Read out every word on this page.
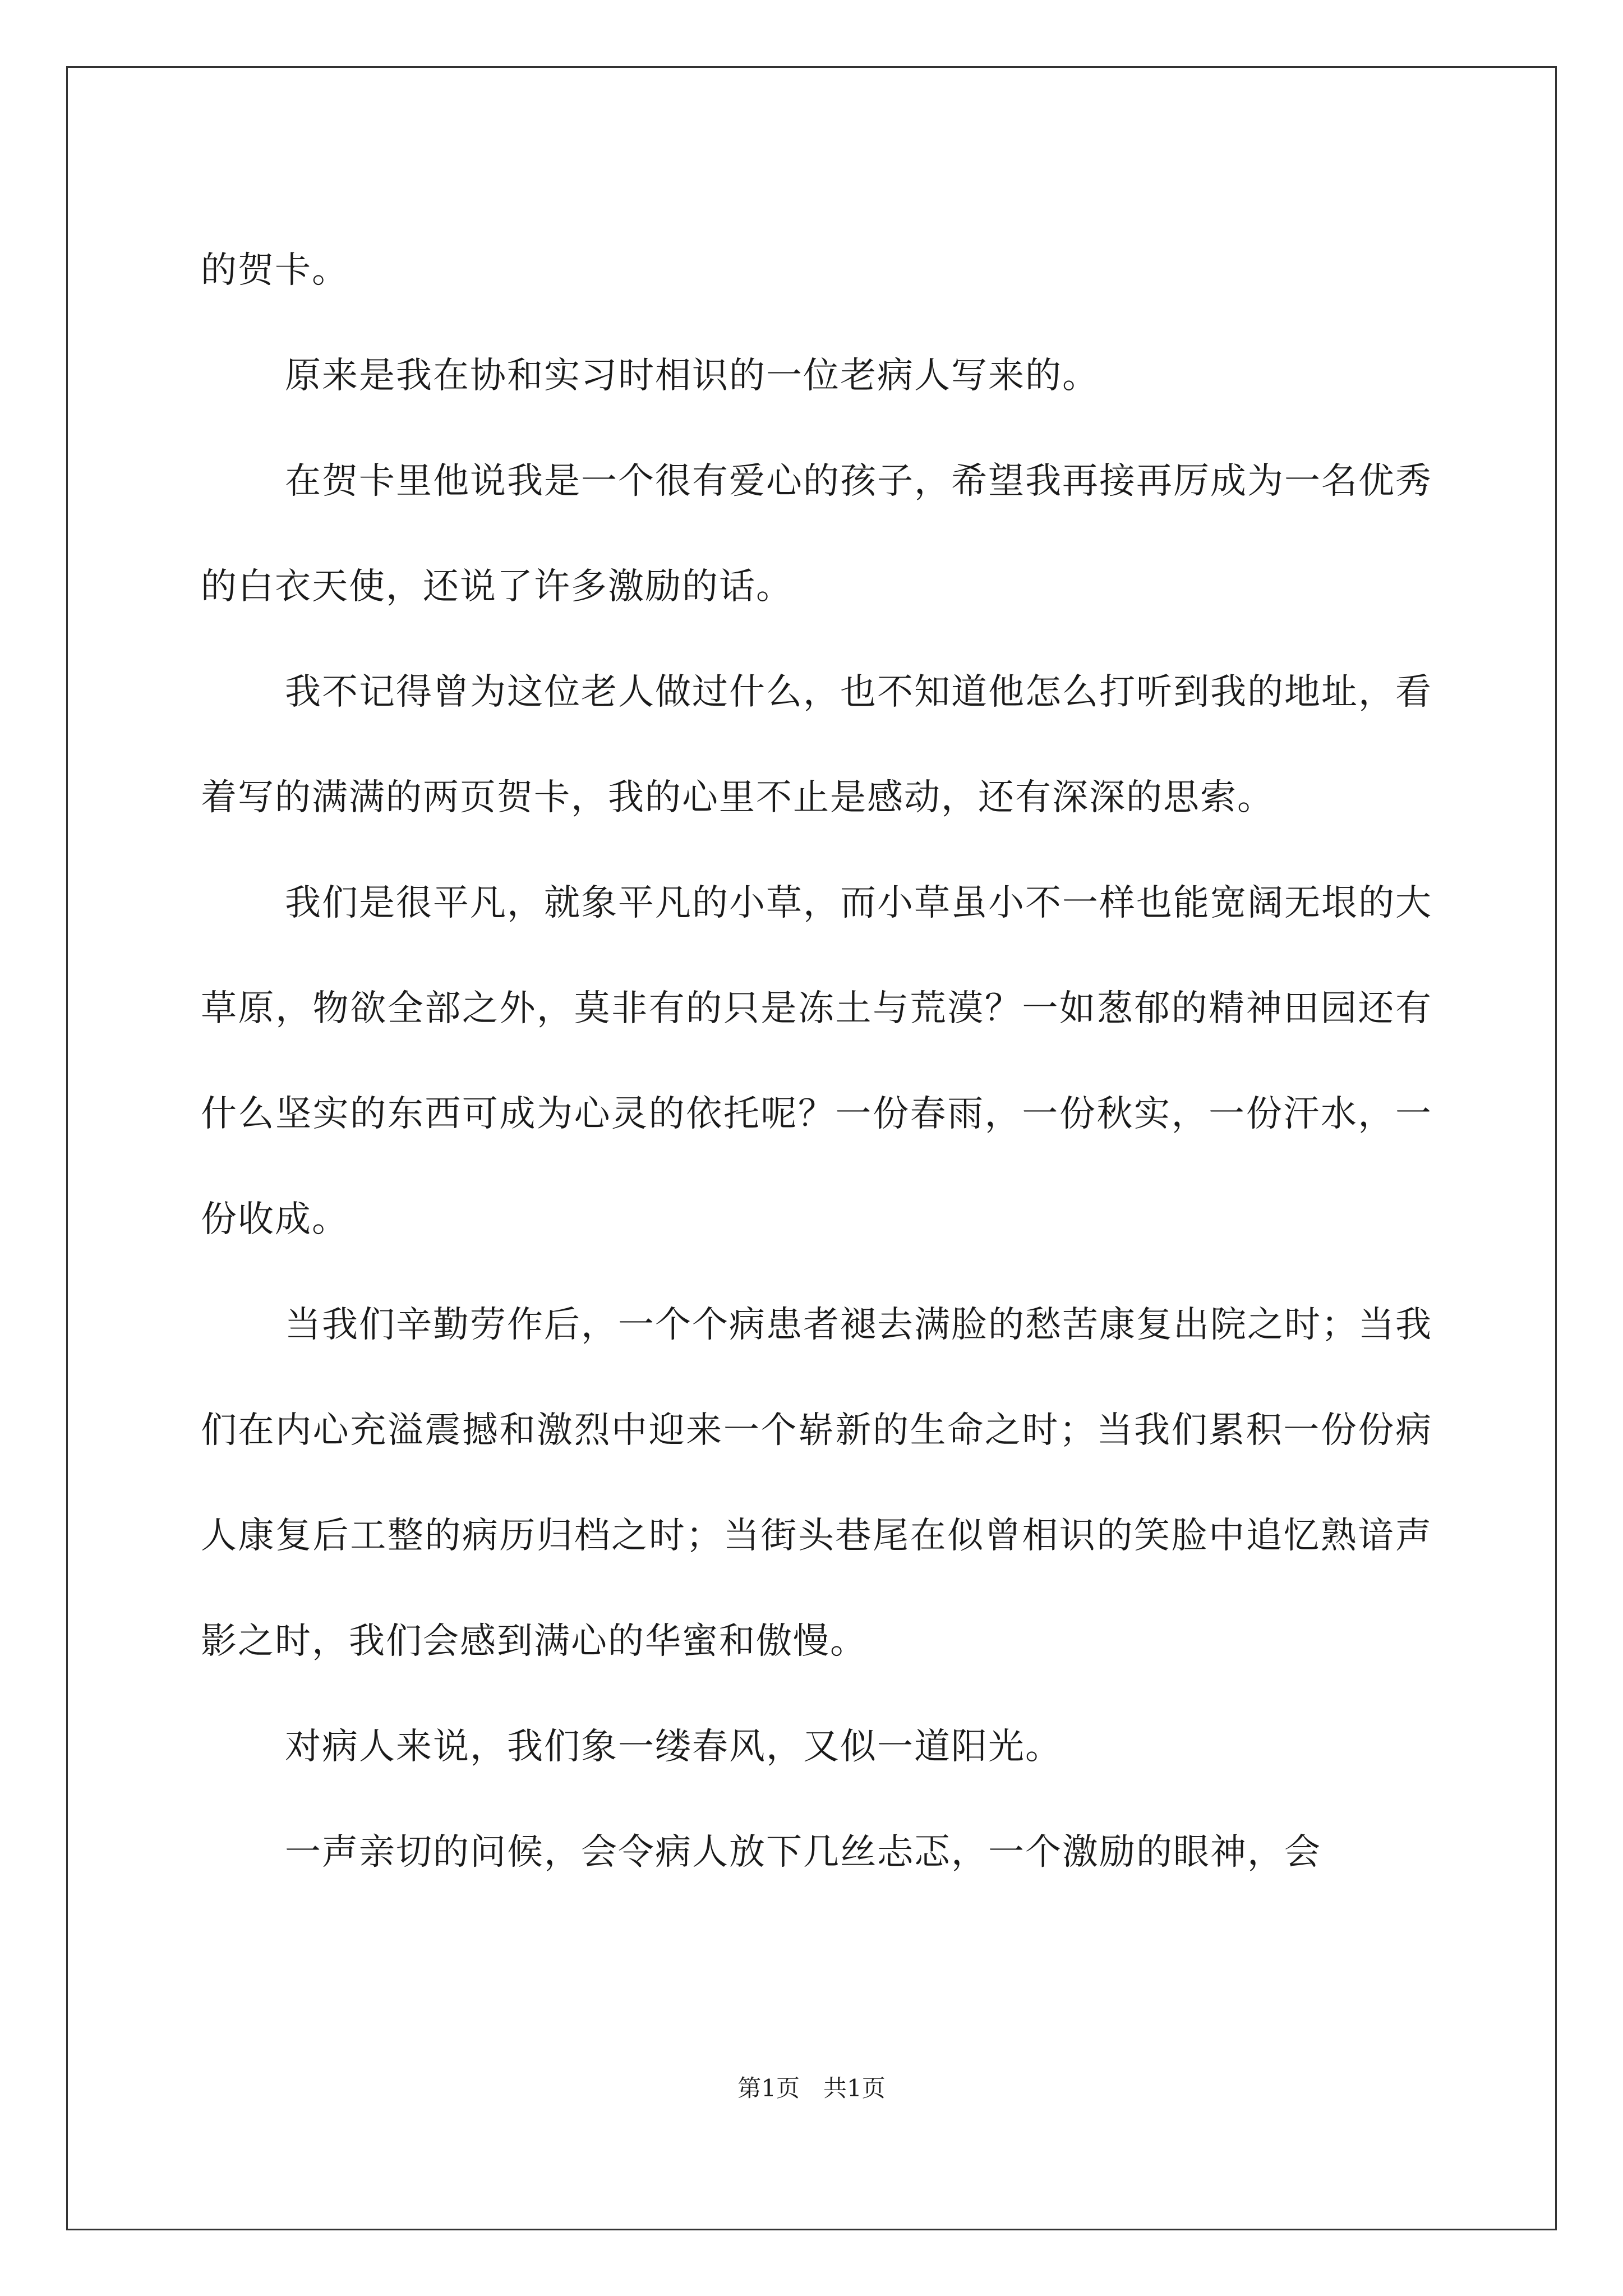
的贺卡。

原来是我在协和实习时相识的一位老病人写来的。

在贺卡里他说我是一个很有爱心的孩子，希望我再接再厉成为一名优秀的白衣天使，还说了许多激励的话。

我不记得曾为这位老人做过什么，也不知道他怎么打听到我的地址，看着写的满满的两页贺卡，我的心里不止是感动，还有深深的思索。

我们是很平凡，就象平凡的小草，而小草虽小不一样也能宽阔无垠的大草原，物欲全部之外，莫非有的只是冻土与荒漠？一如葱郁的精神田园还有什么坚实的东西可成为心灵的依托呢？一份春雨，一份秋实，一份汗水，一份收成。

当我们辛勤劳作后，一个个病患者褪去满脸的愁苦康复出院之时；当我们在内心充溢震撼和激烈中迎来一个崭新的生命之时；当我们累积一份份病人康复后工整的病历归档之时；当街头巷尾在似曾相识的笑脸中追忆熟谙声影之时，我们会感到满心的华蜜和傲慢。

对病人来说，我们象一缕春风，又似一道阳光。

一声亲切的问候，会令病人放下几丝忐忑，一个激励的眼神，会

第1页　共1页
